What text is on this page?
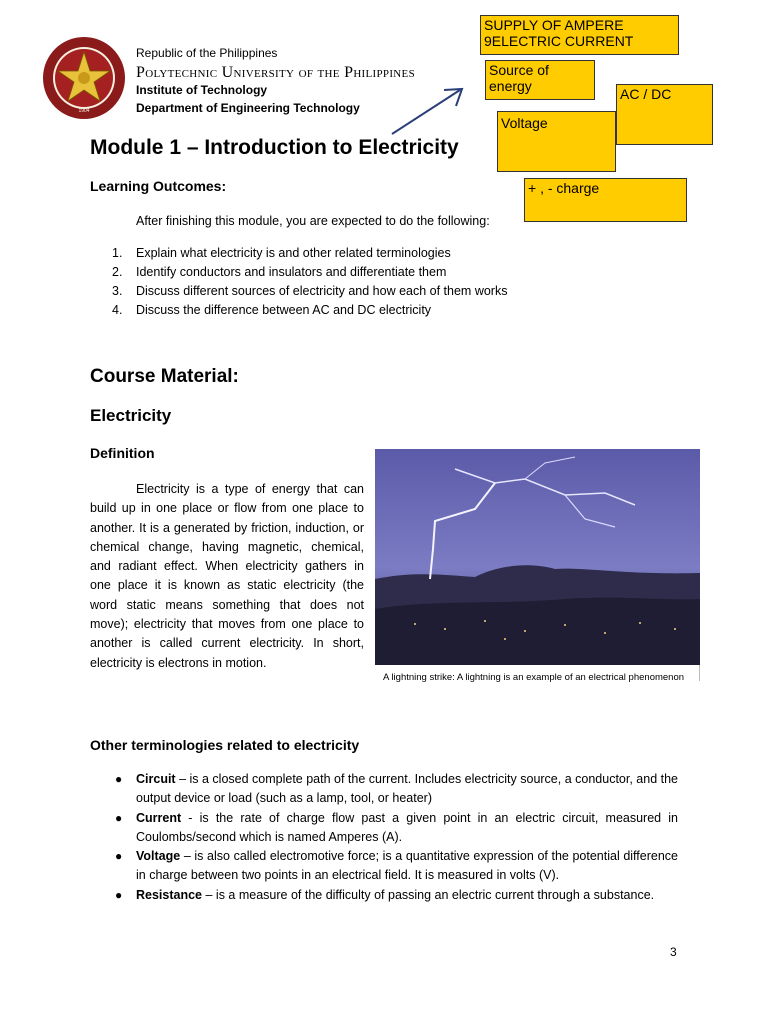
1904
Republic of the Philippines
Polytechnic University of the Philippines
Institute of Technology
Department of Engineering Technology
SUPPLY OF AMPERE
9ELECTRIC CURRENT
Source of
energy	AC / DC
Voltage
+ , - charge
Module 1 – Introduction to Electricity
Learning Outcomes:
After finishing this module, you are expected to do the following:
1. Explain what electricity is and other related terminologies
2. Identify conductors and insulators and differentiate them
3. Discuss different sources of electricity and how each of them works
4. Discuss the difference between AC and DC electricity
Course Material:
Electricity
Definition
Electricity is a type of energy that can build up in one place or flow from one place to another. It is a generated by friction, induction, or chemical change, having magnetic, chemical, and radiant effect. When electricity gathers in one place it is known as static electricity (the word static means something that does not move); electricity that moves from one place to another is called current electricity. In short, electricity is electrons in motion.
A lightning strike: A lightning is an example of an electrical phenomenon
Other terminologies related to electricity
● Circuit – is a closed complete path of the current. Includes electricity source, a conductor, and the output device or load (such as a lamp, tool, or heater)
● Current - is the rate of charge flow past a given point in an electric circuit, measured in Coulombs/second which is named Amperes (A).
● Voltage – is also called electromotive force; is a quantitative expression of the potential difference in charge between two points in an electrical field. It is measured in volts (V).
● Resistance – is a measure of the difficulty of passing an electric current through a substance.
3
